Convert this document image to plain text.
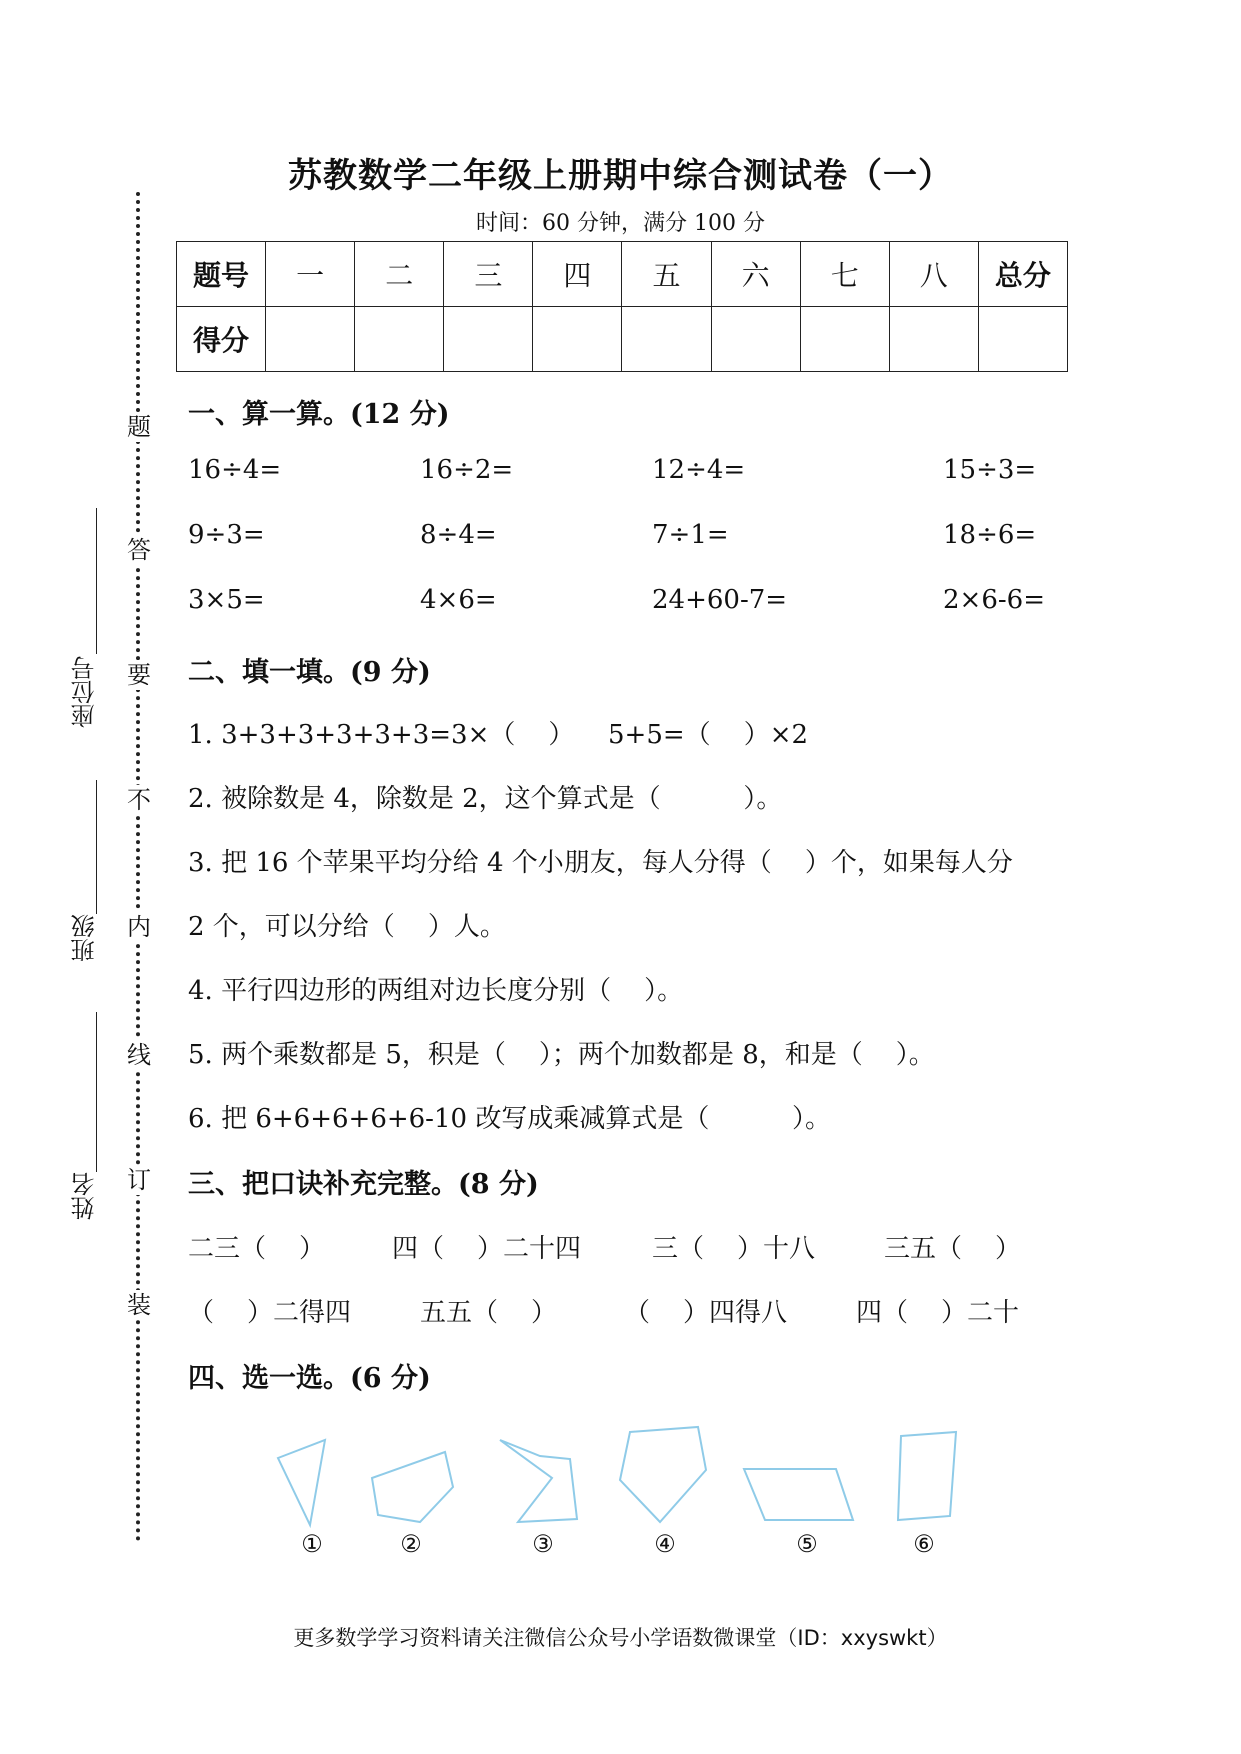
题
答
要
不
内
线
订
装
座位号
班级
姓名
苏教数学二年级上册期中综合测试卷（一）
时间：60 分钟，满分 100 分
题号	一	二	三	四	五	六	七	八	总分
得分									
一、算一算。(12 分)
16÷4=	16÷2=	12÷4=	15÷3=
9÷3=	8÷4=	7÷1=	18÷6=
3×5=	4×6=	24+60-7=	2×6-6=
二、填一填。(9 分)
1. 3+3+3+3+3+3=3×（    ） 5+5=（    ）×2
2. 被除数是 4，除数是 2，这个算式是（          ）。
3. 把 16 个苹果平均分给 4 个小朋友，每人分得（    ）个，如果每人分
2 个，可以分给（    ）人。
4. 平行四边形的两组对边长度分别（    ）。
5. 两个乘数都是 5，积是（    ）；两个加数都是 8，和是（    ）。
6. 把 6+6+6+6+6-10 改写成乘减算式是（          ）。
三、把口诀补充完整。(8 分)
二三（    ）	四（    ）二十四	三（    ）十八	三五（    ）
（    ）二得四	五五（    ）	（    ）四得八	四（    ）二十
四、选一选。(6 分)
①	②	③	④	⑤	⑥
更多数学学习资料请关注微信公众号小学语数微课堂（ID：xxyswkt）
